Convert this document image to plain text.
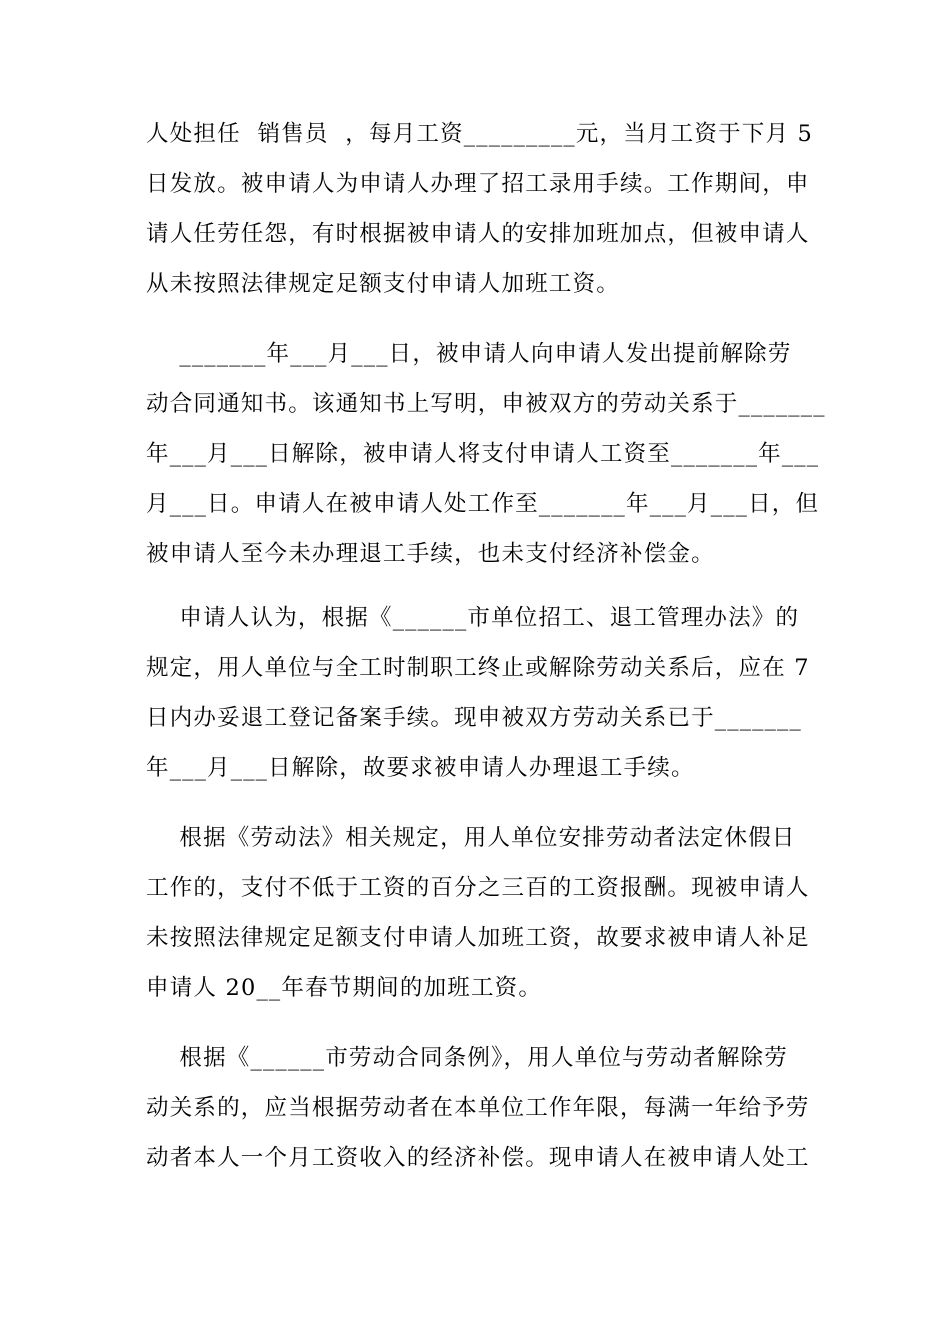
人处担任  销售员  ，每月工资_________元，当月工资于下月 5
日发放。被申请人为申请人办理了招工录用手续。工作期间，申
请人任劳任怨，有时根据被申请人的安排加班加点，但被申请人
从未按照法律规定足额支付申请人加班工资。
_______年___月___日，被申请人向申请人发出提前解除劳
动合同通知书。该通知书上写明，申被双方的劳动关系于_______
年___月___日解除，被申请人将支付申请人工资至_______年___
月___日。申请人在被申请人处工作至_______年___月___日，但
被申请人至今未办理退工手续，也未支付经济补偿金。
申请人认为，根据《______市单位招工、退工管理办法》的
规定，用人单位与全工时制职工终止或解除劳动关系后，应在 7
日内办妥退工登记备案手续。现申被双方劳动关系已于_______
年___月___日解除，故要求被申请人办理退工手续。
根据《劳动法》相关规定，用人单位安排劳动者法定休假日
工作的，支付不低于工资的百分之三百的工资报酬。现被申请人
未按照法律规定足额支付申请人加班工资，故要求被申请人补足
申请人 20__年春节期间的加班工资。
根据《______市劳动合同条例》，用人单位与劳动者解除劳
动关系的，应当根据劳动者在本单位工作年限，每满一年给予劳
动者本人一个月工资收入的经济补偿。现申请人在被申请人处工
